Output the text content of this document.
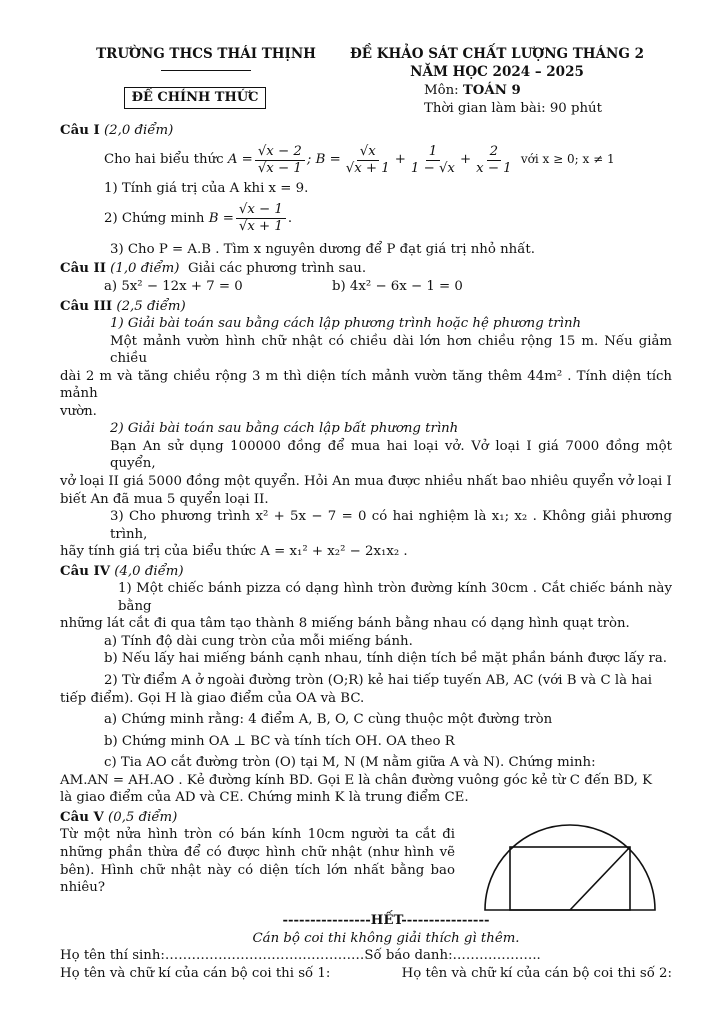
TRƯỜNG THCS THÁI THỊNH
ĐỀ CHÍNH THỨC
ĐỀ KHẢO SÁT CHẤT LƯỢNG THÁNG 2
NĂM HỌC 2024 – 2025
Môn: TOÁN 9
Thời gian làm bài: 90 phút

Câu I (2,0 điểm)

Cho hai biểu thức
$A = \frac{√x - 2}{√x - 1}$ ; $B = \frac{√x}{√x + 1} + \frac{1}{1 - √x} + \frac{2}{x - 1}$
với x ≥ 0; x ≠ 1

1) Tính giá trị của A khi x = 9.

2) Chứng minh
$B = \frac{√x - 1}{√x + 1}$ .

3) Cho P = A.B . Tìm x nguyên dương để P đạt giá trị nhỏ nhất.

Câu II (1,0 điểm) Giải các phương trình sau.

a) 5x² − 12x + 7 = 0	b) 4x² − 6x − 1 = 0

Câu III (2,5 điểm)

1) Giải bài toán sau bằng cách lập phương trình hoặc hệ phương trình

Một mảnh vườn hình chữ nhật có chiều dài lớn hơn chiều rộng 15 m. Nếu giảm chiều

dài 2 m và tăng chiều rộng 3 m thì diện tích mảnh vườn tăng thêm 44m² . Tính diện tích mảnh

vườn.

2) Giải bài toán sau bằng cách lập bất phương trình

Bạn An sử dụng 100000 đồng để mua hai loại vở. Vở loại I giá 7000 đồng một quyển,

vở loại II giá 5000 đồng một quyển. Hỏi An mua được nhiều nhất bao nhiêu quyển vở loại I

biết An đã mua 5 quyển loại II.

3) Cho phương trình x² + 5x − 7 = 0 có hai nghiệm là x₁; x₂ . Không giải phương trình,

hãy tính giá trị của biểu thức A = x₁² + x₂² − 2x₁x₂ .

Câu IV (4,0 điểm)

1) Một chiếc bánh pizza có dạng hình tròn đường kính 30cm . Cắt chiếc bánh này bằng

những lát cắt đi qua tâm tạo thành 8 miếng bánh bằng nhau có dạng hình quạt tròn.

a) Tính độ dài cung tròn của mỗi miếng bánh.

b) Nếu lấy hai miếng bánh cạnh nhau, tính diện tích bề mặt phần bánh được lấy ra.

2) Từ điểm A ở ngoài đường tròn (O;R) kẻ hai tiếp tuyến AB, AC (với B và C là hai

tiếp điểm). Gọi H là giao điểm của OA và BC.

a) Chứng minh rằng: 4 điểm A, B, O, C cùng thuộc một đường tròn

b) Chứng minh OA ⊥ BC và tính tích OH. OA theo R

c) Tia AO cắt đường tròn (O) tại M, N (M nằm giữa A và N). Chứng minh:

AM.AN = AH.AO . Kẻ đường kính BD. Gọi E là chân đường vuông góc kẻ từ C đến BD, K

là giao điểm của AD và CE. Chứng minh K là trung điểm CE.

Câu V (0,5 điểm)

Từ một nửa hình tròn có bán kính 10cm người ta cắt đi những phần thừa để có được hình chữ nhật (như hình vẽ bên). Hình chữ nhật này có diện tích lớn nhất bằng bao nhiêu?

----------------HẾT----------------

Cán bộ coi thi không giải thích gì thêm.

Họ tên thí sinh:………………………………………Số báo danh:………………..

Họ tên và chữ kí của cán bộ coi thi số 1:	Họ tên và chữ kí của cán bộ coi thi số 2:
